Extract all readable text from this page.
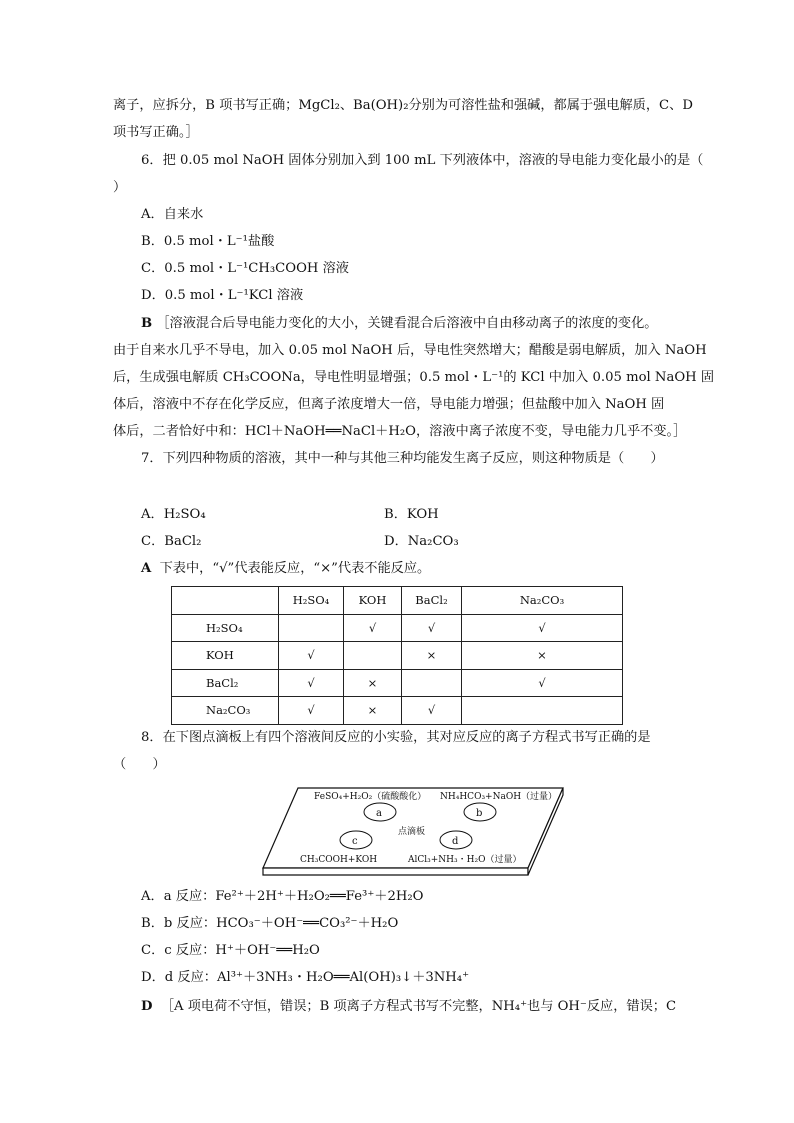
离子，应拆分，B 项书写正确；MgCl₂、Ba(OH)₂分别为可溶性盐和强碱，都属于强电解质，C、D
项书写正确。］
6．把 0.05 mol NaOH 固体分别加入到 100 mL 下列液体中，溶液的导电能力变化最小的是（
）
A．自来水
B．0.5 mol・L⁻¹盐酸
C．0.5 mol・L⁻¹CH₃COOH 溶液
D．0.5 mol・L⁻¹KCl 溶液
B ［溶液混合后导电能力变化的大小，关键看混合后溶液中自由移动离子的浓度的变化。
由于自来水几乎不导电，加入 0.05 mol NaOH 后，导电性突然增大；醋酸是弱电解质，加入 NaOH
后，生成强电解质 CH₃COONa，导电性明显增强；0.5 mol・L⁻¹的 KCl 中加入 0.05 mol NaOH 固
体后，溶液中不存在化学反应，但离子浓度增大一倍，导电能力增强；但盐酸中加入 NaOH 固
体后，二者恰好中和：HCl＋NaOH══NaCl＋H₂O，溶液中离子浓度不变，导电能力几乎不变。］
7．下列四种物质的溶液，其中一种与其他三种均能发生离子反应，则这种物质是（　　）
A．H₂SO₄	B．KOH
C．BaCl₂	D．Na₂CO₃
A 下表中，“√”代表能反应，“×”代表不能反应。
	H₂SO₄	KOH	BaCl₂	Na₂CO₃
H₂SO₄		√	√	√
KOH	√		×	×
BaCl₂	√	×		√
Na₂CO₃	√	×	√	
8．在下图点滴板上有四个溶液间反应的小实验，其对应反应的离子方程式书写正确的是
（　　）
a	b
c	d
FeSO₄+H₂O₂（硫酸酸化） NH₄HCO₃+NaOH（过量）
点滴板
CH₃COOH+KOH	AlCl₃+NH₃・H₂O（过量）
A．a 反应：Fe²⁺＋2H⁺＋H₂O₂══Fe³⁺＋2H₂O
B．b 反应：HCO₃⁻＋OH⁻══CO₃²⁻＋H₂O
C．c 反应：H⁺＋OH⁻══H₂O
D．d 反应：Al³⁺＋3NH₃・H₂O══Al(OH)₃↓＋3NH₄⁺
D ［A 项电荷不守恒，错误；B 项离子方程式书写不完整，NH₄⁺也与 OH⁻反应，错误；C
